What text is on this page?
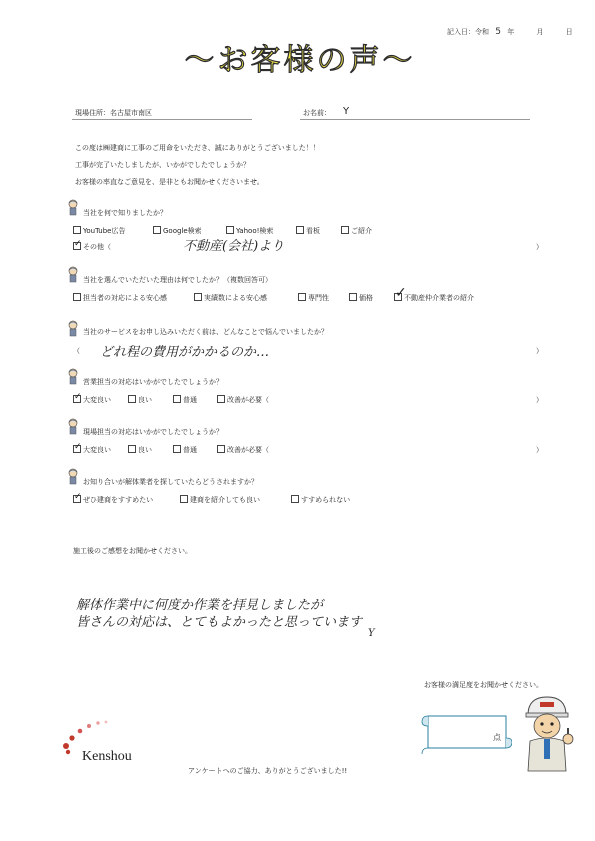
記入日：令和 5 年	月	日
〜お客様の声〜
現場住所：名古屋市南区	お名前： Y
この度は㈱建商に工事のご用命をいただき、誠にありがとうございました！！
工事が完了いたしましたが、いかがでしたでしょうか？
お客様の率直なご意見を、是非ともお聞かせくださいませ。
当社を何で知りましたか？
YouTube広告	Google検索	Yahoo!検索	看板	ご紹介
✓ その他（	不動産(会社)より	）
当社を選んでいただいた理由は何でしたか？（複数回答可）
担当者の対応による安心感	実績数による安心感	専門性	価格 ✓
不動産仲介業者の紹介
当社のサービスをお申し込みいただく前は、どんなことで悩んでいましたか？
（ どれ程の費用がかかるのか…	）
営業担当の対応はいかがでしたでしょうか？
✓ 大変良い	良い	普通	改善が必要（	）
現場担当の対応はいかがでしたでしょうか？
✓ 大変良い	良い	普通	改善が必要（	）
お知り合いが解体業者を探していたらどうされますか？
✓ ぜひ建商をすすめたい	建商を紹介しても良い	すすめられない
施工後のご感想をお聞かせください。
解体作業中に何度か作業を拝見しましたが
皆さんの対応は、とてもよかったと思っています
Y
お客様の満足度をお聞かせください。
点
Kenshou
アンケートへのご協力、ありがとうございました!!
